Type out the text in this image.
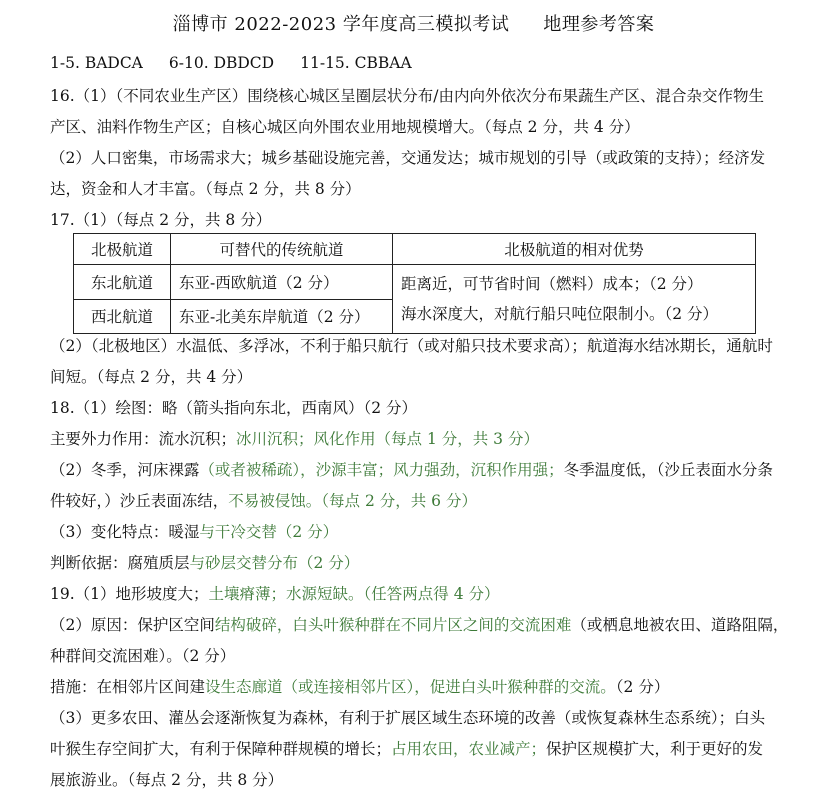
淄博市 2022-2023 学年度高三模拟考试 地理参考答案
1-5. BADCA 6-10. DBDCD 11-15. CBBAA
16.（1）（不同农业生产区）围绕核心城区呈圈层状分布/由内向外依次分布果蔬生产区、混合杂交作物生
产区、油料作物生产区；自核心城区向外围农业用地规模增大。（每点 2 分，共 4 分）
（2）人口密集，市场需求大；城乡基础设施完善，交通发达；城市规划的引导（或政策的支持）；经济发
达，资金和人才丰富。（每点 2 分，共 8 分）
17.（1）（每点 2 分，共 8 分）
北极航道	可替代的传统航道	北极航道的相对优势
东北航道	东亚-西欧航道（2 分）	距离近，可节省时间（燃料）成本；（2 分）
海水深度大，对航行船只吨位限制小。（2 分）

西北航道	东亚-北美东岸航道（2 分）	
（2）（北极地区）水温低、多浮冰，不利于船只航行（或对船只技术要求高）；航道海水结冰期长，通航时
间短。（每点 2 分，共 4 分）
18.（1）绘图：略（箭头指向东北，西南风）（2 分）
主要外力作用：流水沉积；冰川沉积；风化作用（每点 1 分，共 3 分）
（2）冬季，河床裸露（或者被稀疏），沙源丰富；风力强劲，沉积作用强；冬季温度低，（沙丘表面水分条
件较好，）沙丘表面冻结，不易被侵蚀。（每点 2 分，共 6 分）
（3）变化特点：暖湿与干冷交替（2 分）
判断依据：腐殖质层与砂层交替分布（2 分）
19.（1）地形坡度大；土壤瘠薄；水源短缺。（任答两点得 4 分）
（2）原因：保护区空间结构破碎，白头叶猴种群在不同片区之间的交流困难（或栖息地被农田、道路阻隔，
种群间交流困难）。（2 分）
措施：在相邻片区间建设生态廊道（或连接相邻片区），促进白头叶猴种群的交流。（2 分）
（3）更多农田、灌丛会逐渐恢复为森林，有利于扩展区域生态环境的改善（或恢复森林生态系统）；白头
叶猴生存空间扩大，有利于保障种群规模的增长；占用农田，农业减产；保护区规模扩大，利于更好的发
展旅游业。（每点 2 分，共 8 分）
